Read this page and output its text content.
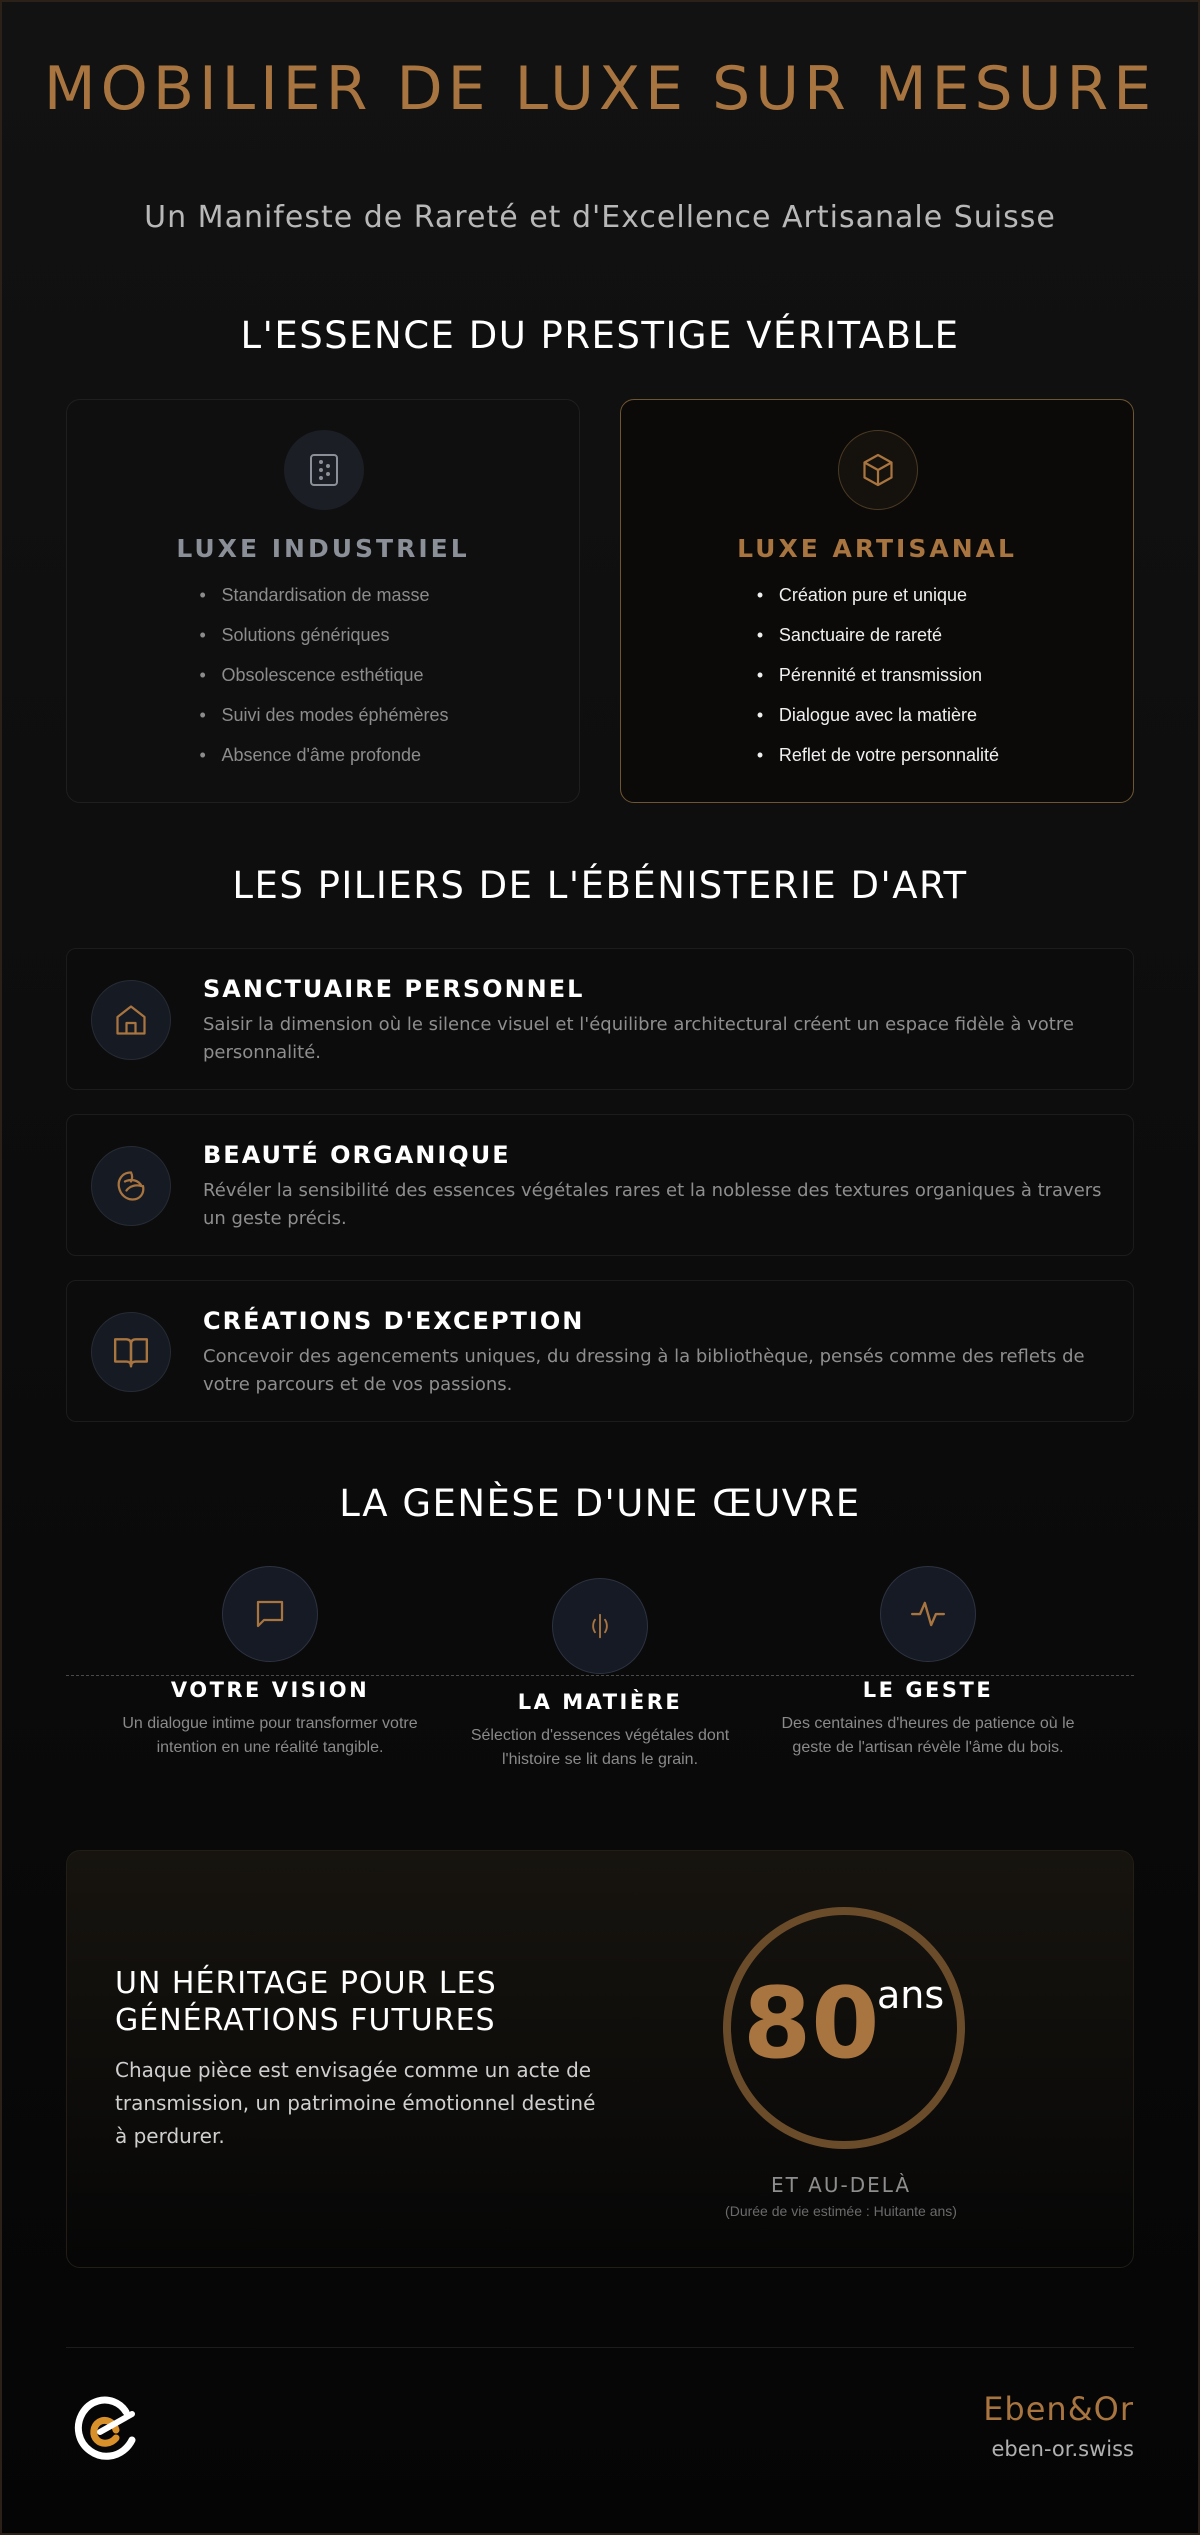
MOBILIER DE LUXE SUR MESURE
Un Manifeste de Rareté et d'Excellence Artisanale Suisse
L'ESSENCE DU PRESTIGE VÉRITABLE
LUXE INDUSTRIEL
• Standardisation de masse
• Solutions génériques
• Obsolescence esthétique
• Suivi des modes éphémères
• Absence d'âme profonde
LUXE ARTISANAL
• Création pure et unique
• Sanctuaire de rareté
• Pérennité et transmission
• Dialogue avec la matière
• Reflet de votre personnalité
LES PILIERS DE L'ÉBÉNISTERIE D'ART
SANCTUAIRE PERSONNEL
Saisir la dimension où le silence visuel et l'équilibre architectural créent un espace fidèle à votre personnalité.
BEAUTÉ ORGANIQUE
Révéler la sensibilité des essences végétales rares et la noblesse des textures organiques à travers un geste précis.
CRÉATIONS D'EXCEPTION
Concevoir des agencements uniques, du dressing à la bibliothèque, pensés comme des reflets de votre parcours et de vos passions.
LA GENÈSE D'UNE ŒUVRE
VOTRE VISION
Un dialogue intime pour transformer votre intention en une réalité tangible.
LA MATIÈRE
Sélection d'essences végétales dont l'histoire se lit dans le grain.
LE GESTE
Des centaines d'heures de patience où le geste de l'artisan révèle l'âme du bois.
UN HÉRITAGE POUR LES GÉNÉRATIONS FUTURES
Chaque pièce est envisagée comme un acte de transmission, un patrimoine émotionnel destiné à perdurer.
80
ans
ET AU-DELÀ
(Durée de vie estimée : Huitante ans)
Eben&Or
eben-or.swiss
